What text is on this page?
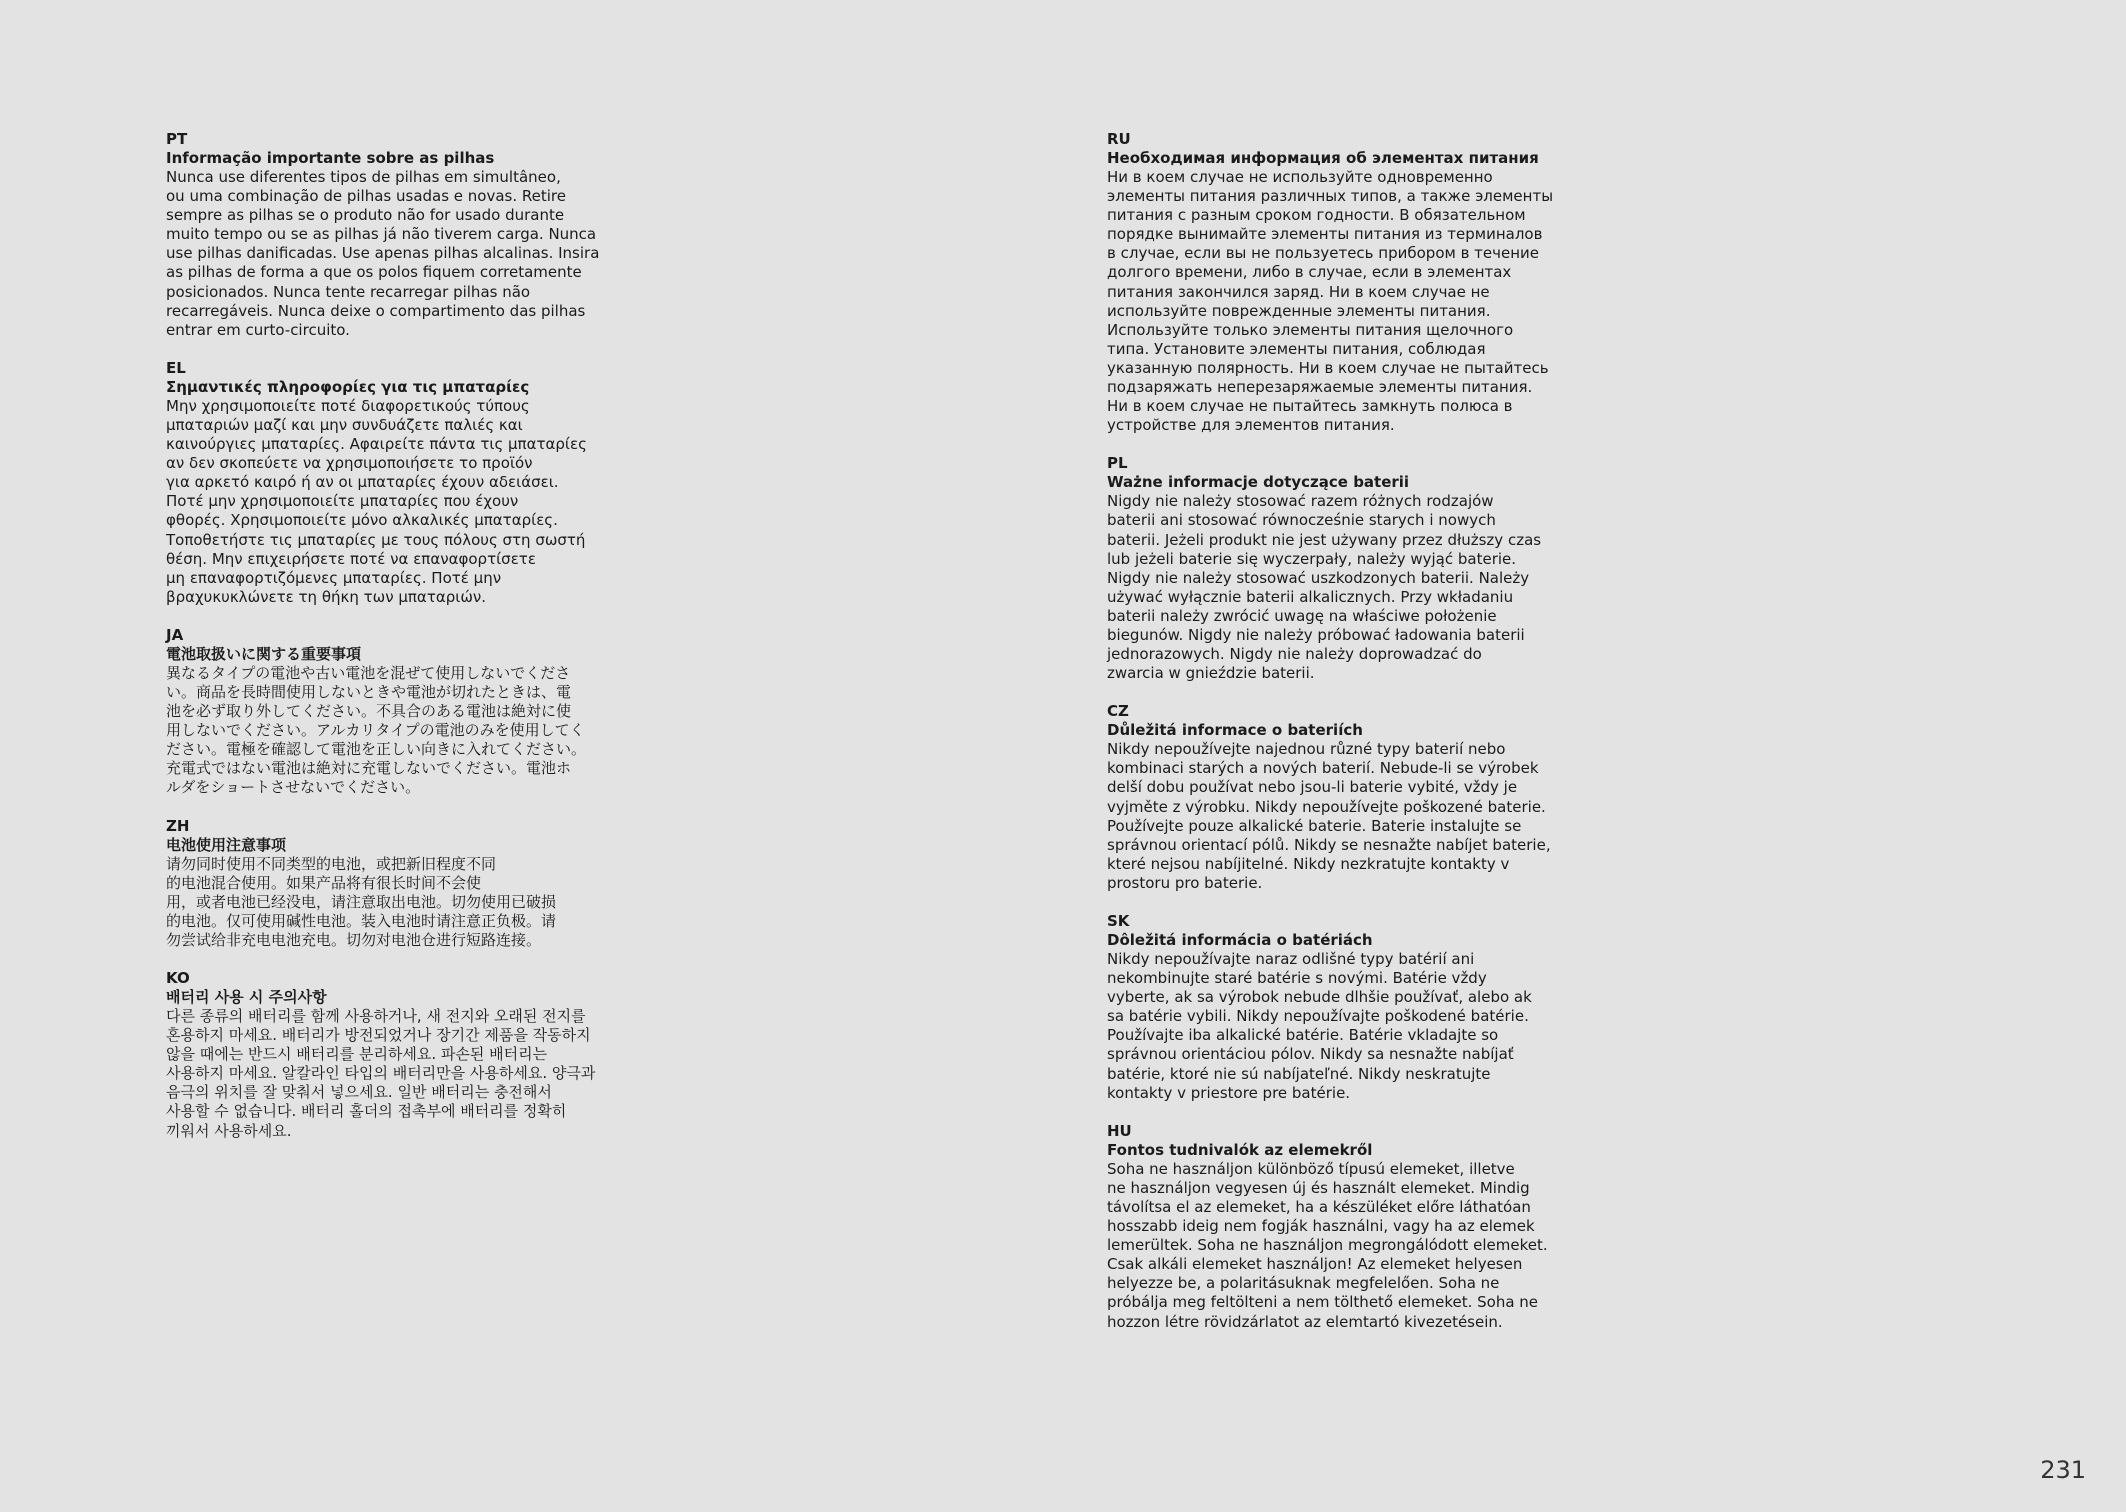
PT
Informação importante sobre as pilhas
Nunca use diferentes tipos de pilhas em simultâneo,
ou uma combinação de pilhas usadas e novas. Retire
sempre as pilhas se o produto não for usado durante
muito tempo ou se as pilhas já não tiverem carga. Nunca
use pilhas danificadas. Use apenas pilhas alcalinas. Insira
as pilhas de forma a que os polos fiquem corretamente
posicionados. Nunca tente recarregar pilhas não
recarregáveis. Nunca deixe o compartimento das pilhas
entrar em curto-circuito.
EL
Σημαντικές πληροφορίες για τις μπαταρίες
Μην χρησιμοποιείτε ποτέ διαφορετικούς τύπους
μπαταριών μαζί και μην συνδυάζετε παλιές και
καινούργιες μπαταρίες. Αφαιρείτε πάντα τις μπαταρίες
αν δεν σκοπεύετε να χρησιμοποιήσετε το προϊόν
για αρκετό καιρό ή αν οι μπαταρίες έχουν αδειάσει.
Ποτέ μην χρησιμοποιείτε μπαταρίες που έχουν
φθορές. Χρησιμοποιείτε μόνο αλκαλικές μπαταρίες.
Τοποθετήστε τις μπαταρίες με τους πόλους στη σωστή
θέση. Μην επιχειρήσετε ποτέ να επαναφορτίσετε
μη επαναφορτιζόμενες μπαταρίες. Ποτέ μην
βραχυκυκλώνετε τη θήκη των μπαταριών.
JA
電池取扱いに関する重要事項
異なるタイプの電池や古い電池を混ぜて使用しないでくださ
い。商品を長時間使用しないときや電池が切れたときは、電
池を必ず取り外してください。不具合のある電池は絶対に使
用しないでください。アルカリタイプの電池のみを使用してく
ださい。電極を確認して電池を正しい向きに入れてください。
充電式ではない電池は絶対に充電しないでください。電池ホ
ルダをショートさせないでください。
ZH
电池使用注意事项
请勿同时使用不同类型的电池，或把新旧程度不同
的电池混合使用。如果产品将有很长时间不会使
用，或者电池已经没电，请注意取出电池。切勿使用已破损
的电池。仅可使用碱性电池。装入电池时请注意正负极。请
勿尝试给非充电电池充电。切勿对电池仓进行短路连接。
KO
배터리 사용 시 주의사항
다른 종류의 배터리를 함께 사용하거나, 새 전지와 오래된 전지를
혼용하지 마세요. 배터리가 방전되었거나 장기간 제품을 작동하지
않을 때에는 반드시 배터리를 분리하세요. 파손된 배터리는
사용하지 마세요. 알칼라인 타입의 배터리만을 사용하세요. 양극과
음극의 위치를 잘 맞춰서 넣으세요. 일반 배터리는 충전해서
사용할 수 없습니다. 배터리 홀더의 접촉부에 배터리를 정확히
끼워서 사용하세요.
RU
Необходимая информация об элементах питания
Ни в коем случае не используйте одновременно
элементы питания различных типов, а также элементы
питания с разным сроком годности. В обязательном
порядке вынимайте элементы питания из терминалов
в случае, если вы не пользуетесь прибором в течение
долгого времени, либо в случае, если в элементах
питания закончился заряд. Ни в коем случае не
используйте поврежденные элементы питания.
Используйте только элементы питания щелочного
типа. Установите элементы питания, соблюдая
указанную полярность. Ни в коем случае не пытайтесь
подзаряжать неперезаряжаемые элементы питания.
Ни в коем случае не пытайтесь замкнуть полюса в
устройстве для элементов питания.
PL
Ważne informacje dotyczące baterii
Nigdy nie należy stosować razem różnych rodzajów
baterii ani stosować równocześnie starych i nowych
baterii. Jeżeli produkt nie jest używany przez dłuższy czas
lub jeżeli baterie się wyczerpały, należy wyjąć baterie.
Nigdy nie należy stosować uszkodzonych baterii. Należy
używać wyłącznie baterii alkalicznych. Przy wkładaniu
baterii należy zwrócić uwagę na właściwe położenie
biegunów. Nigdy nie należy próbować ładowania baterii
jednorazowych. Nigdy nie należy doprowadzać do
zwarcia w gnieździe baterii.
CZ
Důležitá informace o bateriích
Nikdy nepoužívejte najednou různé typy baterií nebo
kombinaci starých a nových baterií. Nebude-li se výrobek
delší dobu používat nebo jsou-li baterie vybité, vždy je
vyjměte z výrobku. Nikdy nepoužívejte poškozené baterie.
Používejte pouze alkalické baterie. Baterie instalujte se
správnou orientací pólů. Nikdy se nesnažte nabíjet baterie,
které nejsou nabíjitelné. Nikdy nezkratujte kontakty v
prostoru pro baterie.
SK
Dôležitá informácia o batériách
Nikdy nepoužívajte naraz odlišné typy batérií ani
nekombinujte staré batérie s novými. Batérie vždy
vyberte, ak sa výrobok nebude dlhšie používať, alebo ak
sa batérie vybili. Nikdy nepoužívajte poškodené batérie.
Používajte iba alkalické batérie. Batérie vkladajte so
správnou orientáciou pólov. Nikdy sa nesnažte nabíjať
batérie, ktoré nie sú nabíjateľné. Nikdy neskratujte
kontakty v priestore pre batérie.
HU
Fontos tudnivalók az elemekről
Soha ne használjon különböző típusú elemeket, illetve
ne használjon vegyesen új és használt elemeket. Mindig
távolítsa el az elemeket, ha a készüléket előre láthatóan
hosszabb ideig nem fogják használni, vagy ha az elemek
lemerültek. Soha ne használjon megrongálódott elemeket.
Csak alkáli elemeket használjon! Az elemeket helyesen
helyezze be, a polaritásuknak megfelelően. Soha ne
próbálja meg feltölteni a nem tölthető elemeket. Soha ne
hozzon létre rövidzárlatot az elemtartó kivezetésein.
231
